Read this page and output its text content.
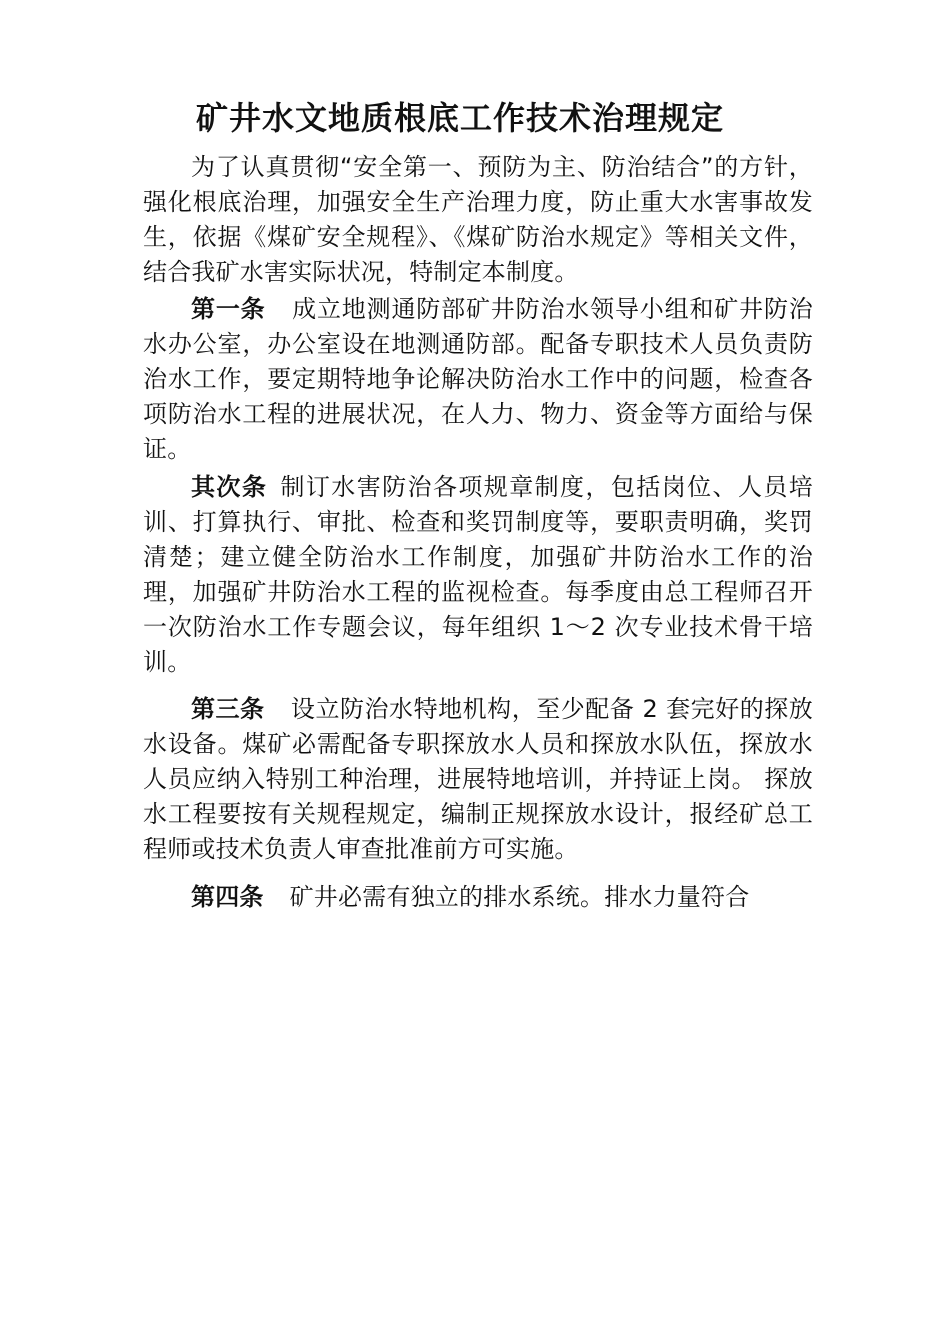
矿井水文地质根底工作技术治理规定

为了认真贯彻“安全第一、预防为主、防治结合”的方针，强化根底治理，加强安全生产治理力度，防止重大水害事故发生，依据《煤矿安全规程》、《煤矿防治水规定》等相关文件，结合我矿水害实际状况，特制定本制度。

第一条 成立地测通防部矿井防治水领导小组和矿井防治水办公室，办公室设在地测通防部。配备专职技术人员负责防治水工作，要定期特地争论解决防治水工作中的问题，检查各项防治水工程的进展状况，在人力、物力、资金等方面给与保证。

其次条 制订水害防治各项规章制度，包括岗位、人员培训、打算执行、审批、检查和奖罚制度等，要职责明确，奖罚清楚；建立健全防治水工作制度，加强矿井防治水工作的治理，加强矿井防治水工程的监视检查。每季度由总工程师召开一次防治水工作专题会议，每年组织 1～2 次专业技术骨干培训。

第三条 设立防治水特地机构，至少配备 2 套完好的探放水设备。煤矿必需配备专职探放水人员和探放水队伍，探放水人员应纳入特别工种治理，进展特地培训，并持证上岗。 探放水工程要按有关规程规定，编制正规探放水设计，报经矿总工程师或技术负责人审查批准前方可实施。

第四条 矿井必需有独立的排水系统。排水力量符合
